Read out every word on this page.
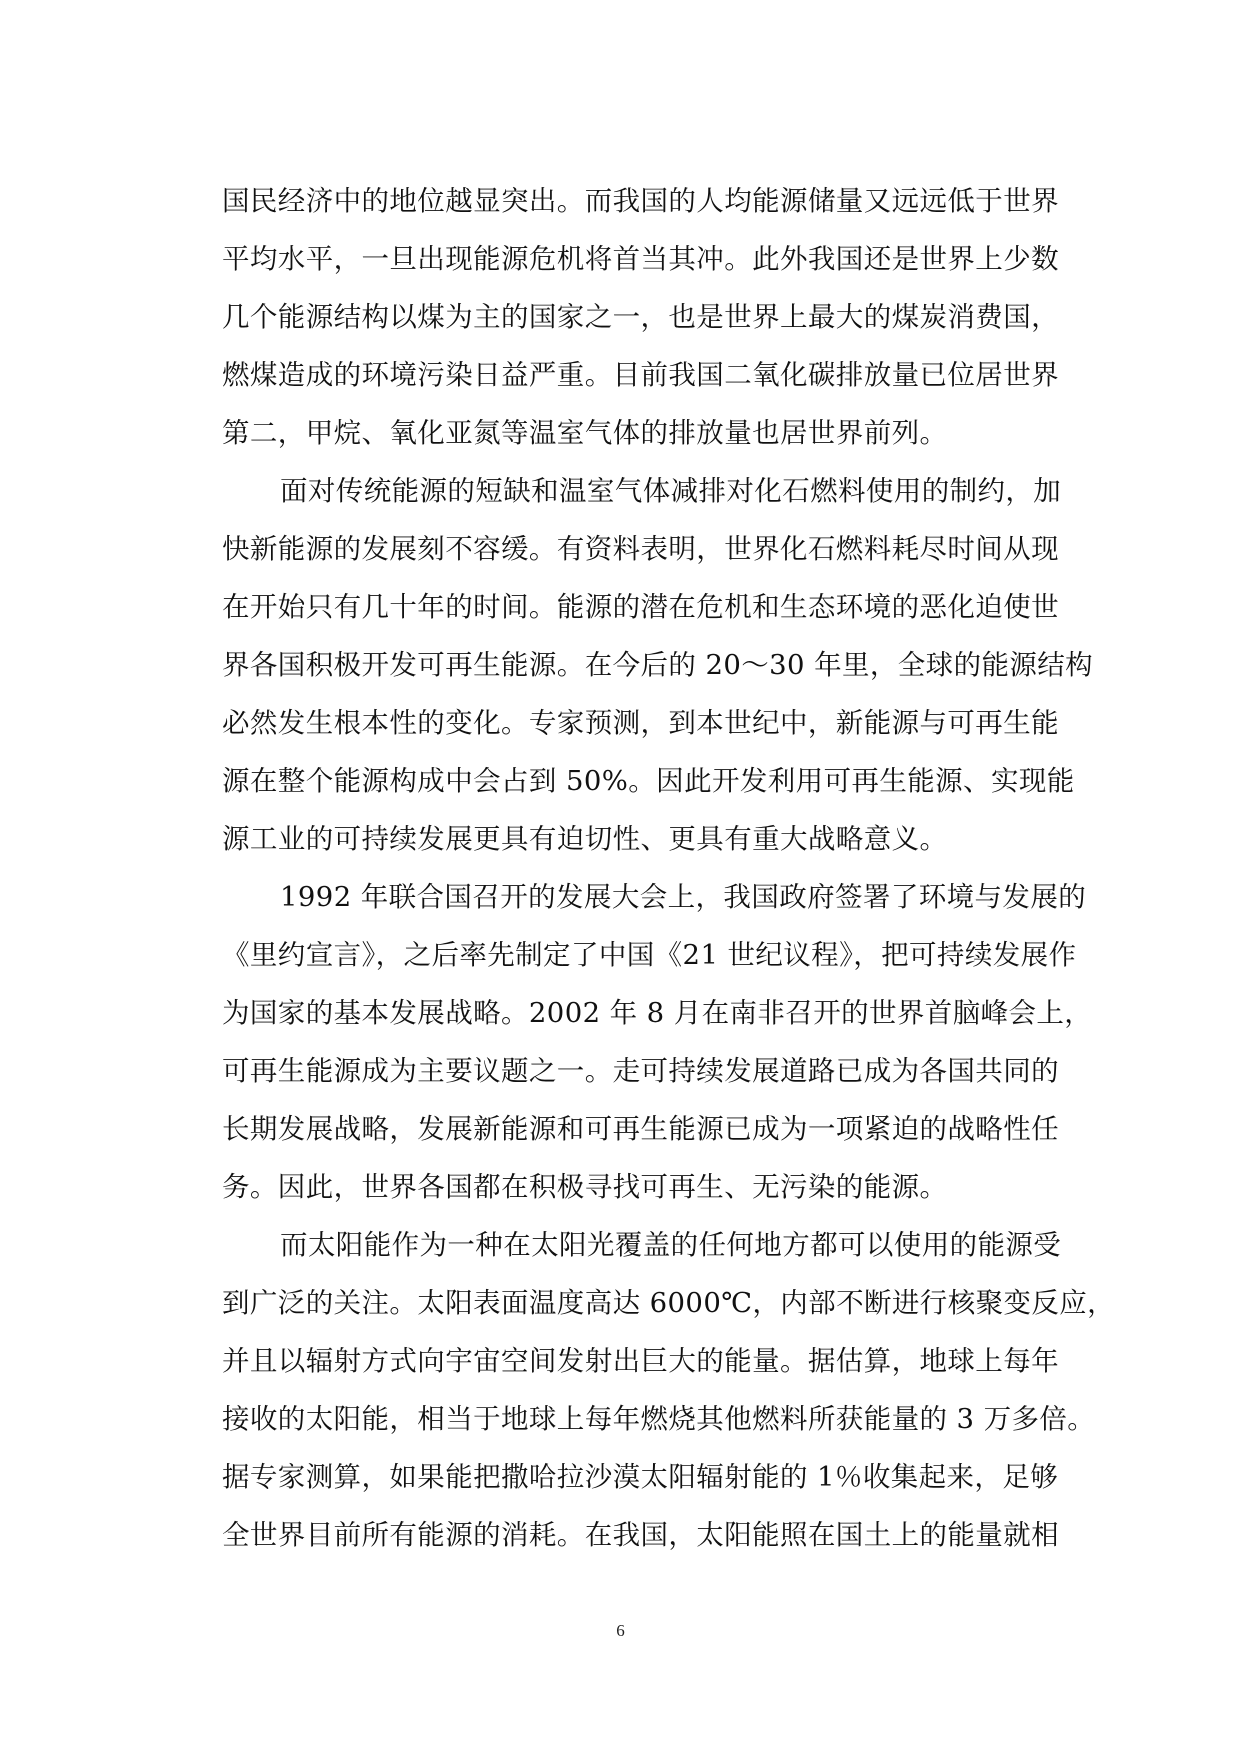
国民经济中的地位越显突出。而我国的人均能源储量又远远低于世界
平均水平，一旦出现能源危机将首当其冲。此外我国还是世界上少数
几个能源结构以煤为主的国家之一，也是世界上最大的煤炭消费国，
燃煤造成的环境污染日益严重。目前我国二氧化碳排放量已位居世界
第二，甲烷、氧化亚氮等温室气体的排放量也居世界前列。
面对传统能源的短缺和温室气体减排对化石燃料使用的制约，加
快新能源的发展刻不容缓。有资料表明，世界化石燃料耗尽时间从现
在开始只有几十年的时间。能源的潜在危机和生态环境的恶化迫使世
界各国积极开发可再生能源。在今后的 20～30 年里，全球的能源结构
必然发生根本性的变化。专家预测，到本世纪中，新能源与可再生能
源在整个能源构成中会占到 50%。因此开发利用可再生能源、实现能
源工业的可持续发展更具有迫切性、更具有重大战略意义。
1992 年联合国召开的发展大会上，我国政府签署了环境与发展的
《里约宣言》，之后率先制定了中国《21 世纪议程》，把可持续发展作
为国家的基本发展战略。2002 年 8 月在南非召开的世界首脑峰会上，
可再生能源成为主要议题之一。走可持续发展道路已成为各国共同的
长期发展战略，发展新能源和可再生能源已成为一项紧迫的战略性任
务。因此，世界各国都在积极寻找可再生、无污染的能源。
而太阳能作为一种在太阳光覆盖的任何地方都可以使用的能源受
到广泛的关注。太阳表面温度高达 6000℃，内部不断进行核聚变反应，
并且以辐射方式向宇宙空间发射出巨大的能量。据估算，地球上每年
接收的太阳能，相当于地球上每年燃烧其他燃料所获能量的 3 万多倍。
据专家测算，如果能把撒哈拉沙漠太阳辐射能的 1％收集起来，足够
全世界目前所有能源的消耗。在我国，太阳能照在国土上的能量就相
6
